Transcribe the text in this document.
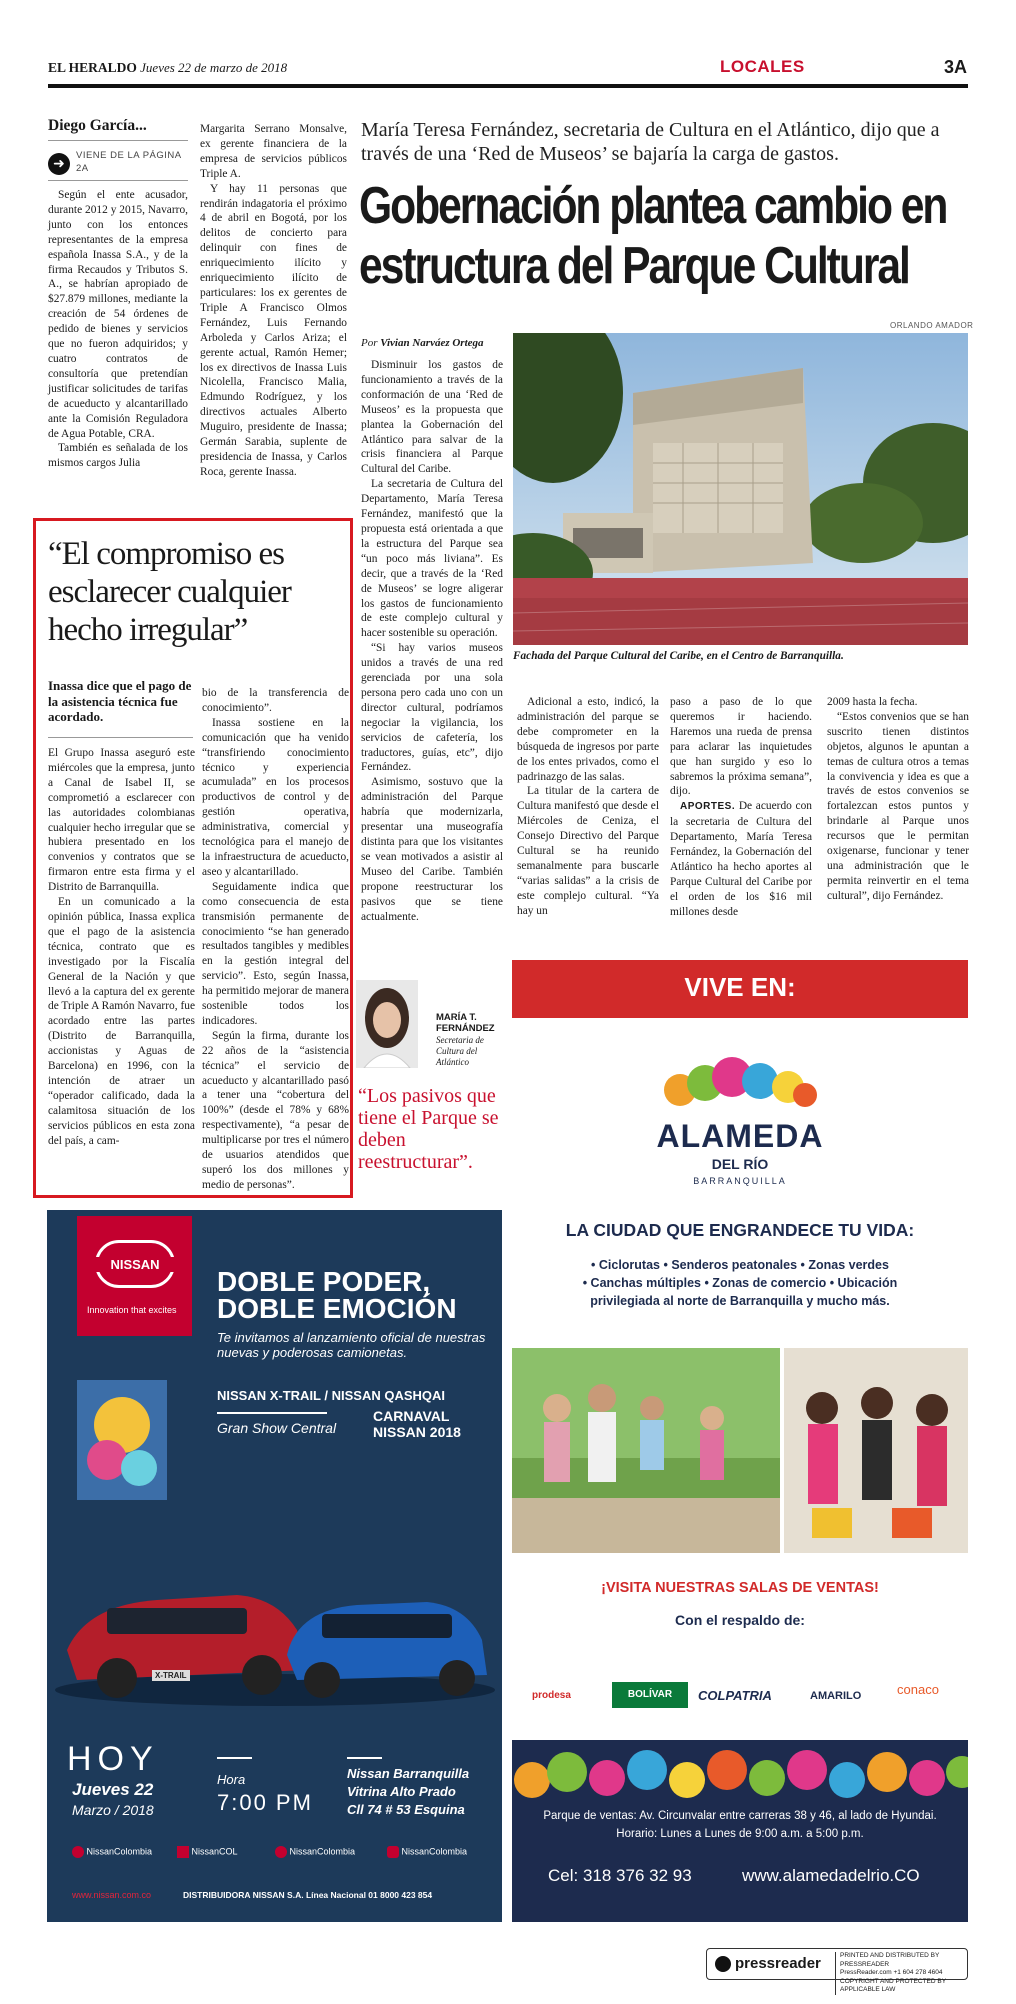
EL HERALDO Jueves 22 de marzo de 2018	LOCALES	3A
Diego García...
➜
VIENE DE LA PÁGINA 2A
Según el ente acusador, durante 2012 y 2015, Navarro, junto con los entonces representantes de la empresa española Inassa S.A., y de la firma Recaudos y Tributos S. A., se habrían apropiado de $27.879 millones, mediante la creación de 54 órdenes de pedido de bienes y servicios que no fueron adquiridos; y cuatro contratos de consultoría que pretendían justificar solicitudes de tarifas de acueducto y alcantarillado ante la Comisión Reguladora de Agua Potable, CRA.
También es señalada de los mismos cargos Julia
Margarita Serrano Monsalve, ex gerente financiera de la empresa de servicios públicos Triple A.
Y hay 11 personas que rendirán indagatoria el próximo 4 de abril en Bogotá, por los delitos de concierto para delinquir con fines de enriquecimiento ilícito y enriquecimiento ilícito de particulares: los ex gerentes de Triple A Francisco Olmos Fernández, Luis Fernando Arboleda y Carlos Ariza; el gerente actual, Ramón Hemer; los ex directivos de Inassa Luis Nicolella, Francisco Malia, Edmundo Rodríguez, y los directivos actuales Alberto Muguiro, presidente de Inassa; Germán Sarabia, suplente de presidencia de Inassa, y Carlos Roca, gerente Inassa.
“El compromiso es esclarecer cualquier hecho irregular”
Inassa dice que el pago de la asistencia técnica fue acordado.
El Grupo Inassa aseguró este miércoles que la empresa, junto a Canal de Isabel II, se comprometió a esclarecer con las autoridades colombianas cualquier hecho irregular que se hubiera presentado en los convenios y contratos que se firmaron entre esta firma y el Distrito de Barranquilla.
En un comunicado a la opinión pública, Inassa explica que el pago de la asistencia técnica, contrato que es investigado por la Fiscalía General de la Nación y que llevó a la captura del ex gerente de Triple A Ramón Navarro, fue acordado entre las partes (Distrito de Barranquilla, accionistas y Aguas de Barcelona) en 1996, con la intención de atraer un “operador calificado, dada la calamitosa situación de los servicios públicos en esta zona del país, a cam-
bio de la transferencia de conocimiento”.
Inassa sostiene en la comunicación que ha venido “transfiriendo conocimiento técnico y experiencia acumulada” en los procesos productivos de control y de gestión operativa, administrativa, comercial y tecnológica para el manejo de la infraestructura de acueducto, aseo y alcantarillado.
Seguidamente indica que como consecuencia de esta transmisión permanente de conocimiento “se han generado resultados tangibles y medibles en la gestión integral del servicio”. Esto, según Inassa, ha permitido mejorar de manera sostenible todos los indicadores.
Según la firma, durante los 22 años de la “asistencia técnica” el servicio de acueducto y alcantarillado pasó a tener una “cobertura del 100%” (desde el 78% y 68% respectivamente), “a pesar de multiplicarse por tres el número de usuarios atendidos que superó los dos millones y medio de personas”.
María Teresa Fernández, secretaria de Cultura en el Atlántico, dijo que a través de una ‘Red de Museos’ se bajaría la carga de gastos.
Gobernación plantea cambio en estructura del Parque Cultural
ORLANDO AMADOR
Por Vivian Narváez Ortega
Disminuir los gastos de funcionamiento a través de la conformación de una ‘Red de Museos’ es la propuesta que plantea la Gobernación del Atlántico para salvar de la crisis financiera al Parque Cultural del Caribe.
La secretaria de Cultura del Departamento, María Teresa Fernández, manifestó que la propuesta está orientada a que la estructura del Parque sea “un poco más liviana”. Es decir, que a través de la ‘Red de Museos’ se logre aligerar los gastos de funcionamiento de este complejo cultural y hacer sostenible su operación.
“Si hay varios museos unidos a través de una red gerenciada por una sola persona pero cada uno con un director cultural, podríamos negociar la vigilancia, los servicios de cafetería, los traductores, guías, etc”, dijo Fernández.
Asimismo, sostuvo que la administración del Parque habría que modernizarla, presentar una museografía distinta para que los visitantes se vean motivados a asistir al Museo del Caribe. También propone reestructurar los pasivos que se tiene actualmente.
Fachada del Parque Cultural del Caribe, en el Centro de Barranquilla.
Adicional a esto, indicó, la administración del parque se debe comprometer en la búsqueda de ingresos por parte de los entes privados, como el padrinazgo de las salas.
La titular de la cartera de Cultura manifestó que desde el Miércoles de Ceniza, el Consejo Directivo del Parque Cultural se ha reunido semanalmente para buscarle “varias salidas” a la crisis de este complejo cultural. “Ya hay un
paso a paso de lo que queremos ir haciendo. Haremos una rueda de prensa para aclarar las inquietudes que han surgido y eso lo sabremos la próxima semana”, dijo.
APORTES. De acuerdo con la secretaria de Cultura del Departamento, María Teresa Fernández, la Gobernación del Atlántico ha hecho aportes al Parque Cultural del Caribe por el orden de los $16 mil millones desde
2009 hasta la fecha.
“Estos convenios que se han suscrito tienen distintos objetos, algunos le apuntan a temas de cultura otros a temas la convivencia y idea es que a través de estos convenios se fortalezcan estos puntos y brindarle al Parque unos recursos que le permitan oxigenarse, funcionar y tener una administración que le permita reinvertir en el tema cultural”, dijo Fernández.
MARÍA T. FERNÁNDEZ
Secretaria de Cultura del Atlántico
“Los pasivos que tiene el Parque se deben reestructurar”.
NISSAN
Innovation that excites
DOBLE PODER,
DOBLE EMOCIÓN
Te invitamos al lanzamiento oficial de nuestras nuevas y poderosas camionetas.
NISSAN X-TRAIL / NISSAN QASHQAI
Gran Show Central
CARNAVAL
NISSAN 2018
X-TRAIL
HOY
Jueves 22
Marzo / 2018
Hora
7:00 PM
Nissan Barranquilla
Vitrina Alto Prado
Cll 74 # 53 Esquina
NissanColombia	NissanCOL	NissanColombia	NissanColombia
www.nissan.com.co	DISTRIBUIDORA NISSAN S.A. Línea Nacional 01 8000 423 854
VIVE EN:
ALAMEDA
DEL RÍO
BARRANQUILLA
LA CIUDAD QUE ENGRANDECE TU VIDA:
• Ciclorutas • Senderos peatonales • Zonas verdes
• Canchas múltiples • Zonas de comercio • Ubicación
privilegiada al norte de Barranquilla y mucho más.
¡VISITA NUESTRAS SALAS DE VENTAS!
Con el respaldo de:
prodesa	BOLÍVAR	COLPATRIA	AMARILO	conaco
Parque de ventas: Av. Circunvalar entre carreras 38 y 46, al lado de Hyundai.
Horario: Lunes a Lunes de 9:00 a.m. a 5:00 p.m.
Cel: 318 376 32 93	www.alamedadelrio.CO
pressreader	PRINTED AND DISTRIBUTED BY PRESSREADER
PressReader.com +1 604 278 4604
COPYRIGHT AND PROTECTED BY APPLICABLE LAW
